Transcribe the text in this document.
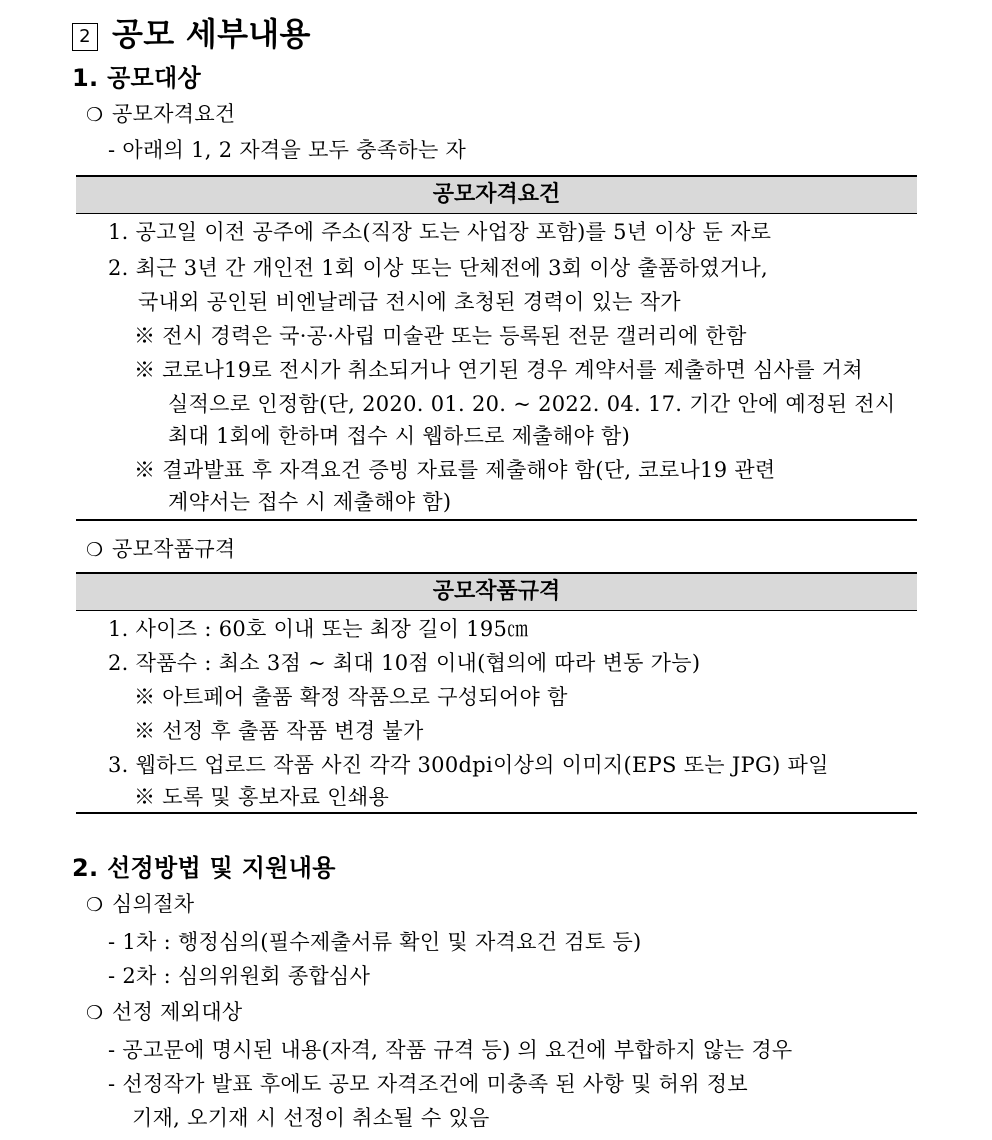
2 공모 세부내용
1. 공모대상
❍ 공모자격요건
- 아래의 1, 2 자격을 모두 충족하는 자
공모자격요건
1. 공고일 이전 공주에 주소(직장 도는 사업장 포함)를 5년 이상 둔 자로
2. 최근 3년 간 개인전 1회 이상 또는 단체전에 3회 이상 출품하였거나,
국내외 공인된 비엔날레급 전시에 초청된 경력이 있는 작가
※ 전시 경력은 국·공·사립 미술관 또는 등록된 전문 갤러리에 한함
※ 코로나19로 전시가 취소되거나 연기된 경우 계약서를 제출하면 심사를 거쳐
실적으로 인정함(단, 2020. 01. 20. ~ 2022. 04. 17. 기간 안에 예정된 전시
최대 1회에 한하며 접수 시 웹하드로 제출해야 함)
※ 결과발표 후 자격요건 증빙 자료를 제출해야 함(단, 코로나19 관련
계약서는 접수 시 제출해야 함)
❍ 공모작품규격
공모작품규격
1. 사이즈 : 60호 이내 또는 최장 길이 195㎝
2. 작품수 : 최소 3점 ~ 최대 10점 이내(협의에 따라 변동 가능)
※ 아트페어 출품 확정 작품으로 구성되어야 함
※ 선정 후 출품 작품 변경 불가
3. 웹하드 업로드 작품 사진 각각 300dpi이상의 이미지(EPS 또는 JPG) 파일
※ 도록 및 홍보자료 인쇄용
2. 선정방법 및 지원내용
❍ 심의절차
- 1차 : 행정심의(필수제출서류 확인 및 자격요건 검토 등)
- 2차 : 심의위원회 종합심사
❍ 선정 제외대상
- 공고문에 명시된 내용(자격, 작품 규격 등) 의 요건에 부합하지 않는 경우
- 선정작가 발표 후에도 공모 자격조건에 미충족 된 사항 및 허위 정보
기재, 오기재 시 선정이 취소될 수 있음
